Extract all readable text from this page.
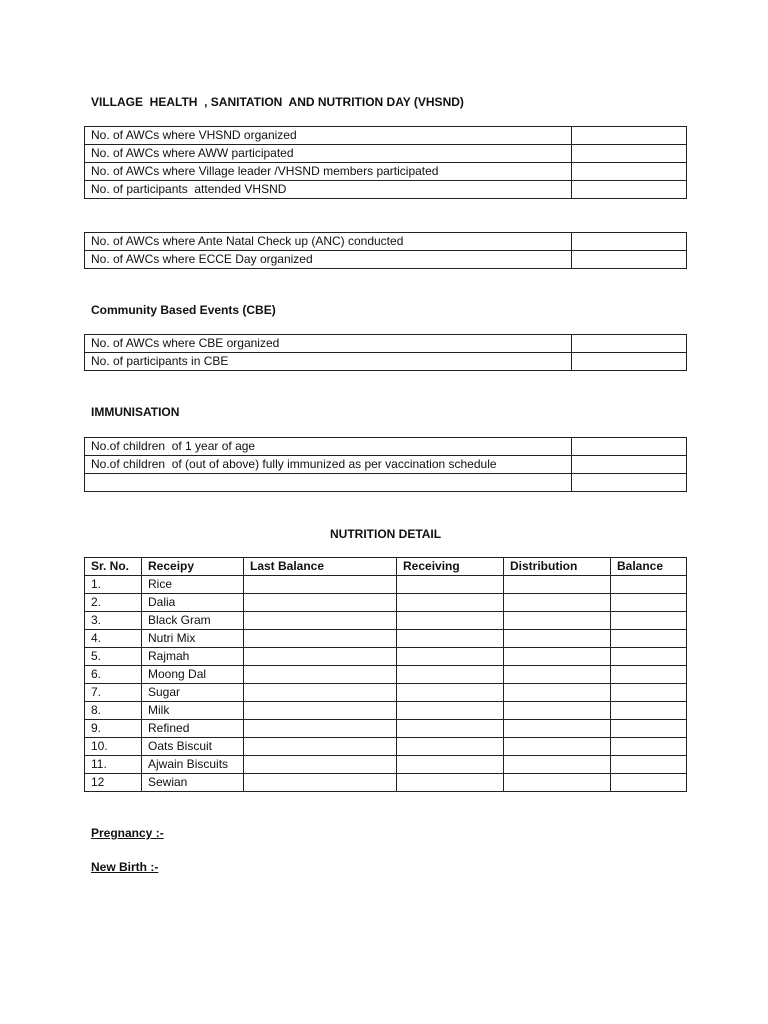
VILLAGE  HEALTH  , SANITATION  AND NUTRITION DAY (VHSND)
No. of AWCs where VHSND organized	
No. of AWCs where AWW participated	
No. of AWCs where Village leader /VHSND members participated	
No. of participants  attended VHSND	
No. of AWCs where Ante Natal Check up (ANC) conducted	
No. of AWCs where ECCE Day organized	
Community Based Events (CBE)
No. of AWCs where CBE organized	
No. of participants in CBE	
IMMUNISATION
No.of children  of 1 year of age	
No.of children  of (out of above) fully immunized as per vaccination schedule	

NUTRITION DETAIL
Sr. No.	Receipy	Last Balance	Receiving	Distribution	Balance
1.	Rice				
2.	Dalia				
3.	Black Gram				
4.	Nutri Mix				
5.	Rajmah				
6.	Moong Dal				
7.	Sugar				
8.	Milk				
9.	Refined				
10.	Oats Biscuit				
11.	Ajwain Biscuits				
12	Sewian				
Pregnancy :-
New Birth :-
